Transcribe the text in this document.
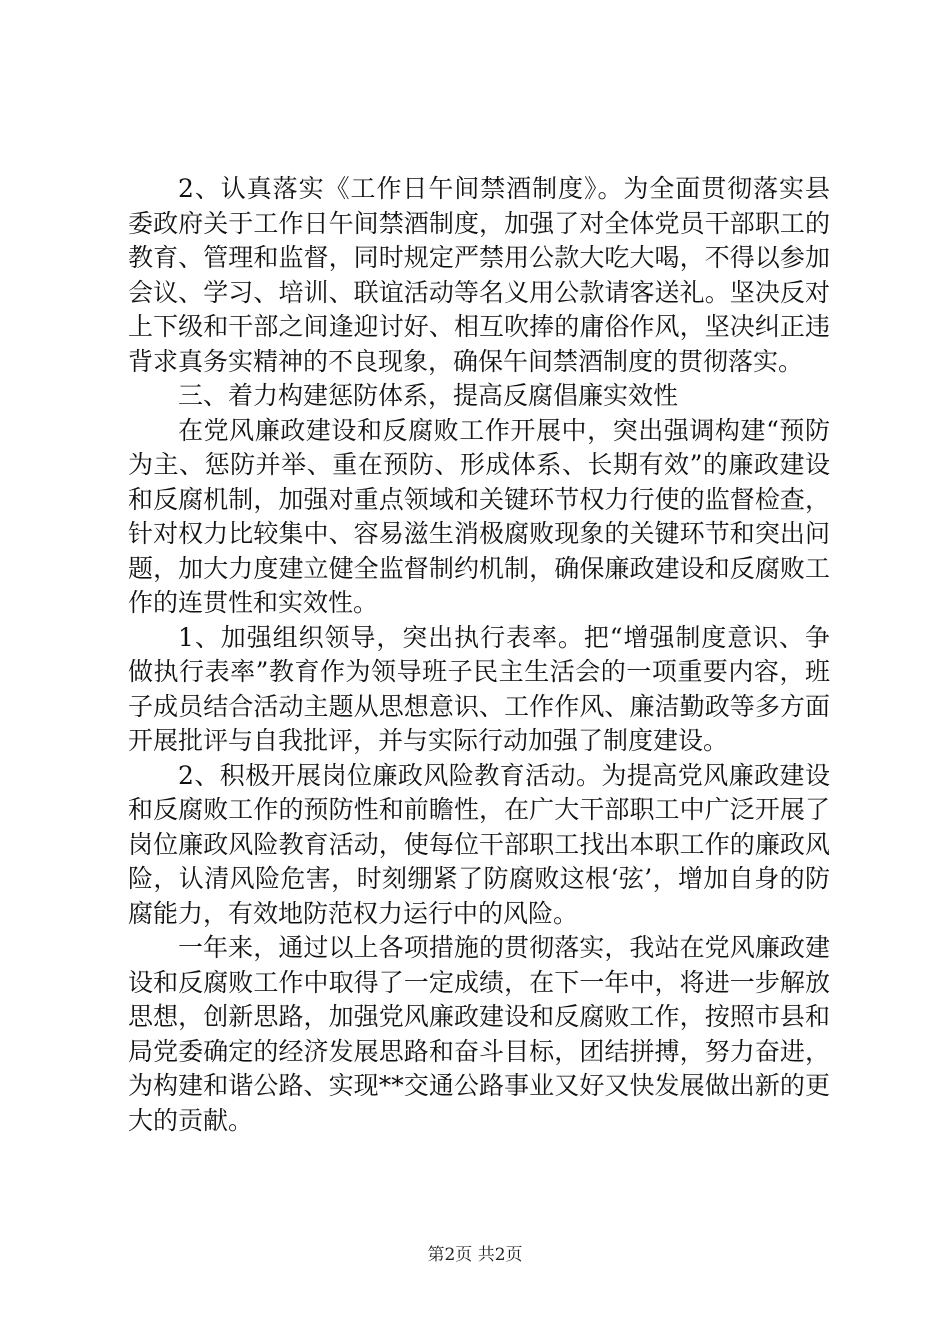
2、认真落实《工作日午间禁酒制度》。为全面贯彻落实县委政府关于工作日午间禁酒制度，加强了对全体党员干部职工的教育、管理和监督，同时规定严禁用公款大吃大喝，不得以参加会议、学习、培训、联谊活动等名义用公款请客送礼。坚决反对上下级和干部之间逢迎讨好、相互吹捧的庸俗作风，坚决纠正违背求真务实精神的不良现象，确保午间禁酒制度的贯彻落实。

三、着力构建惩防体系，提高反腐倡廉实效性

在党风廉政建设和反腐败工作开展中，突出强调构建“预防为主、惩防并举、重在预防、形成体系、长期有效”的廉政建设和反腐机制，加强对重点领域和关键环节权力行使的监督检查，针对权力比较集中、容易滋生消极腐败现象的关键环节和突出问题，加大力度建立健全监督制约机制，确保廉政建设和反腐败工作的连贯性和实效性。

1、加强组织领导，突出执行表率。把“增强制度意识、争做执行表率”教育作为领导班子民主生活会的一项重要内容，班子成员结合活动主题从思想意识、工作作风、廉洁勤政等多方面开展批评与自我批评，并与实际行动加强了制度建设。

2、积极开展岗位廉政风险教育活动。为提高党风廉政建设和反腐败工作的预防性和前瞻性，在广大干部职工中广泛开展了岗位廉政风险教育活动，使每位干部职工找出本职工作的廉政风险，认清风险危害，时刻绷紧了防腐败这根‘弦’，增加自身的防腐能力，有效地防范权力运行中的风险。

一年来，通过以上各项措施的贯彻落实，我站在党风廉政建设和反腐败工作中取得了一定成绩，在下一年中，将进一步解放思想，创新思路，加强党风廉政建设和反腐败工作，按照市县和局党委确定的经济发展思路和奋斗目标，团结拼搏，努力奋进，为构建和谐公路、实现**交通公路事业又好又快发展做出新的更大的贡献。

第2页 共2页
